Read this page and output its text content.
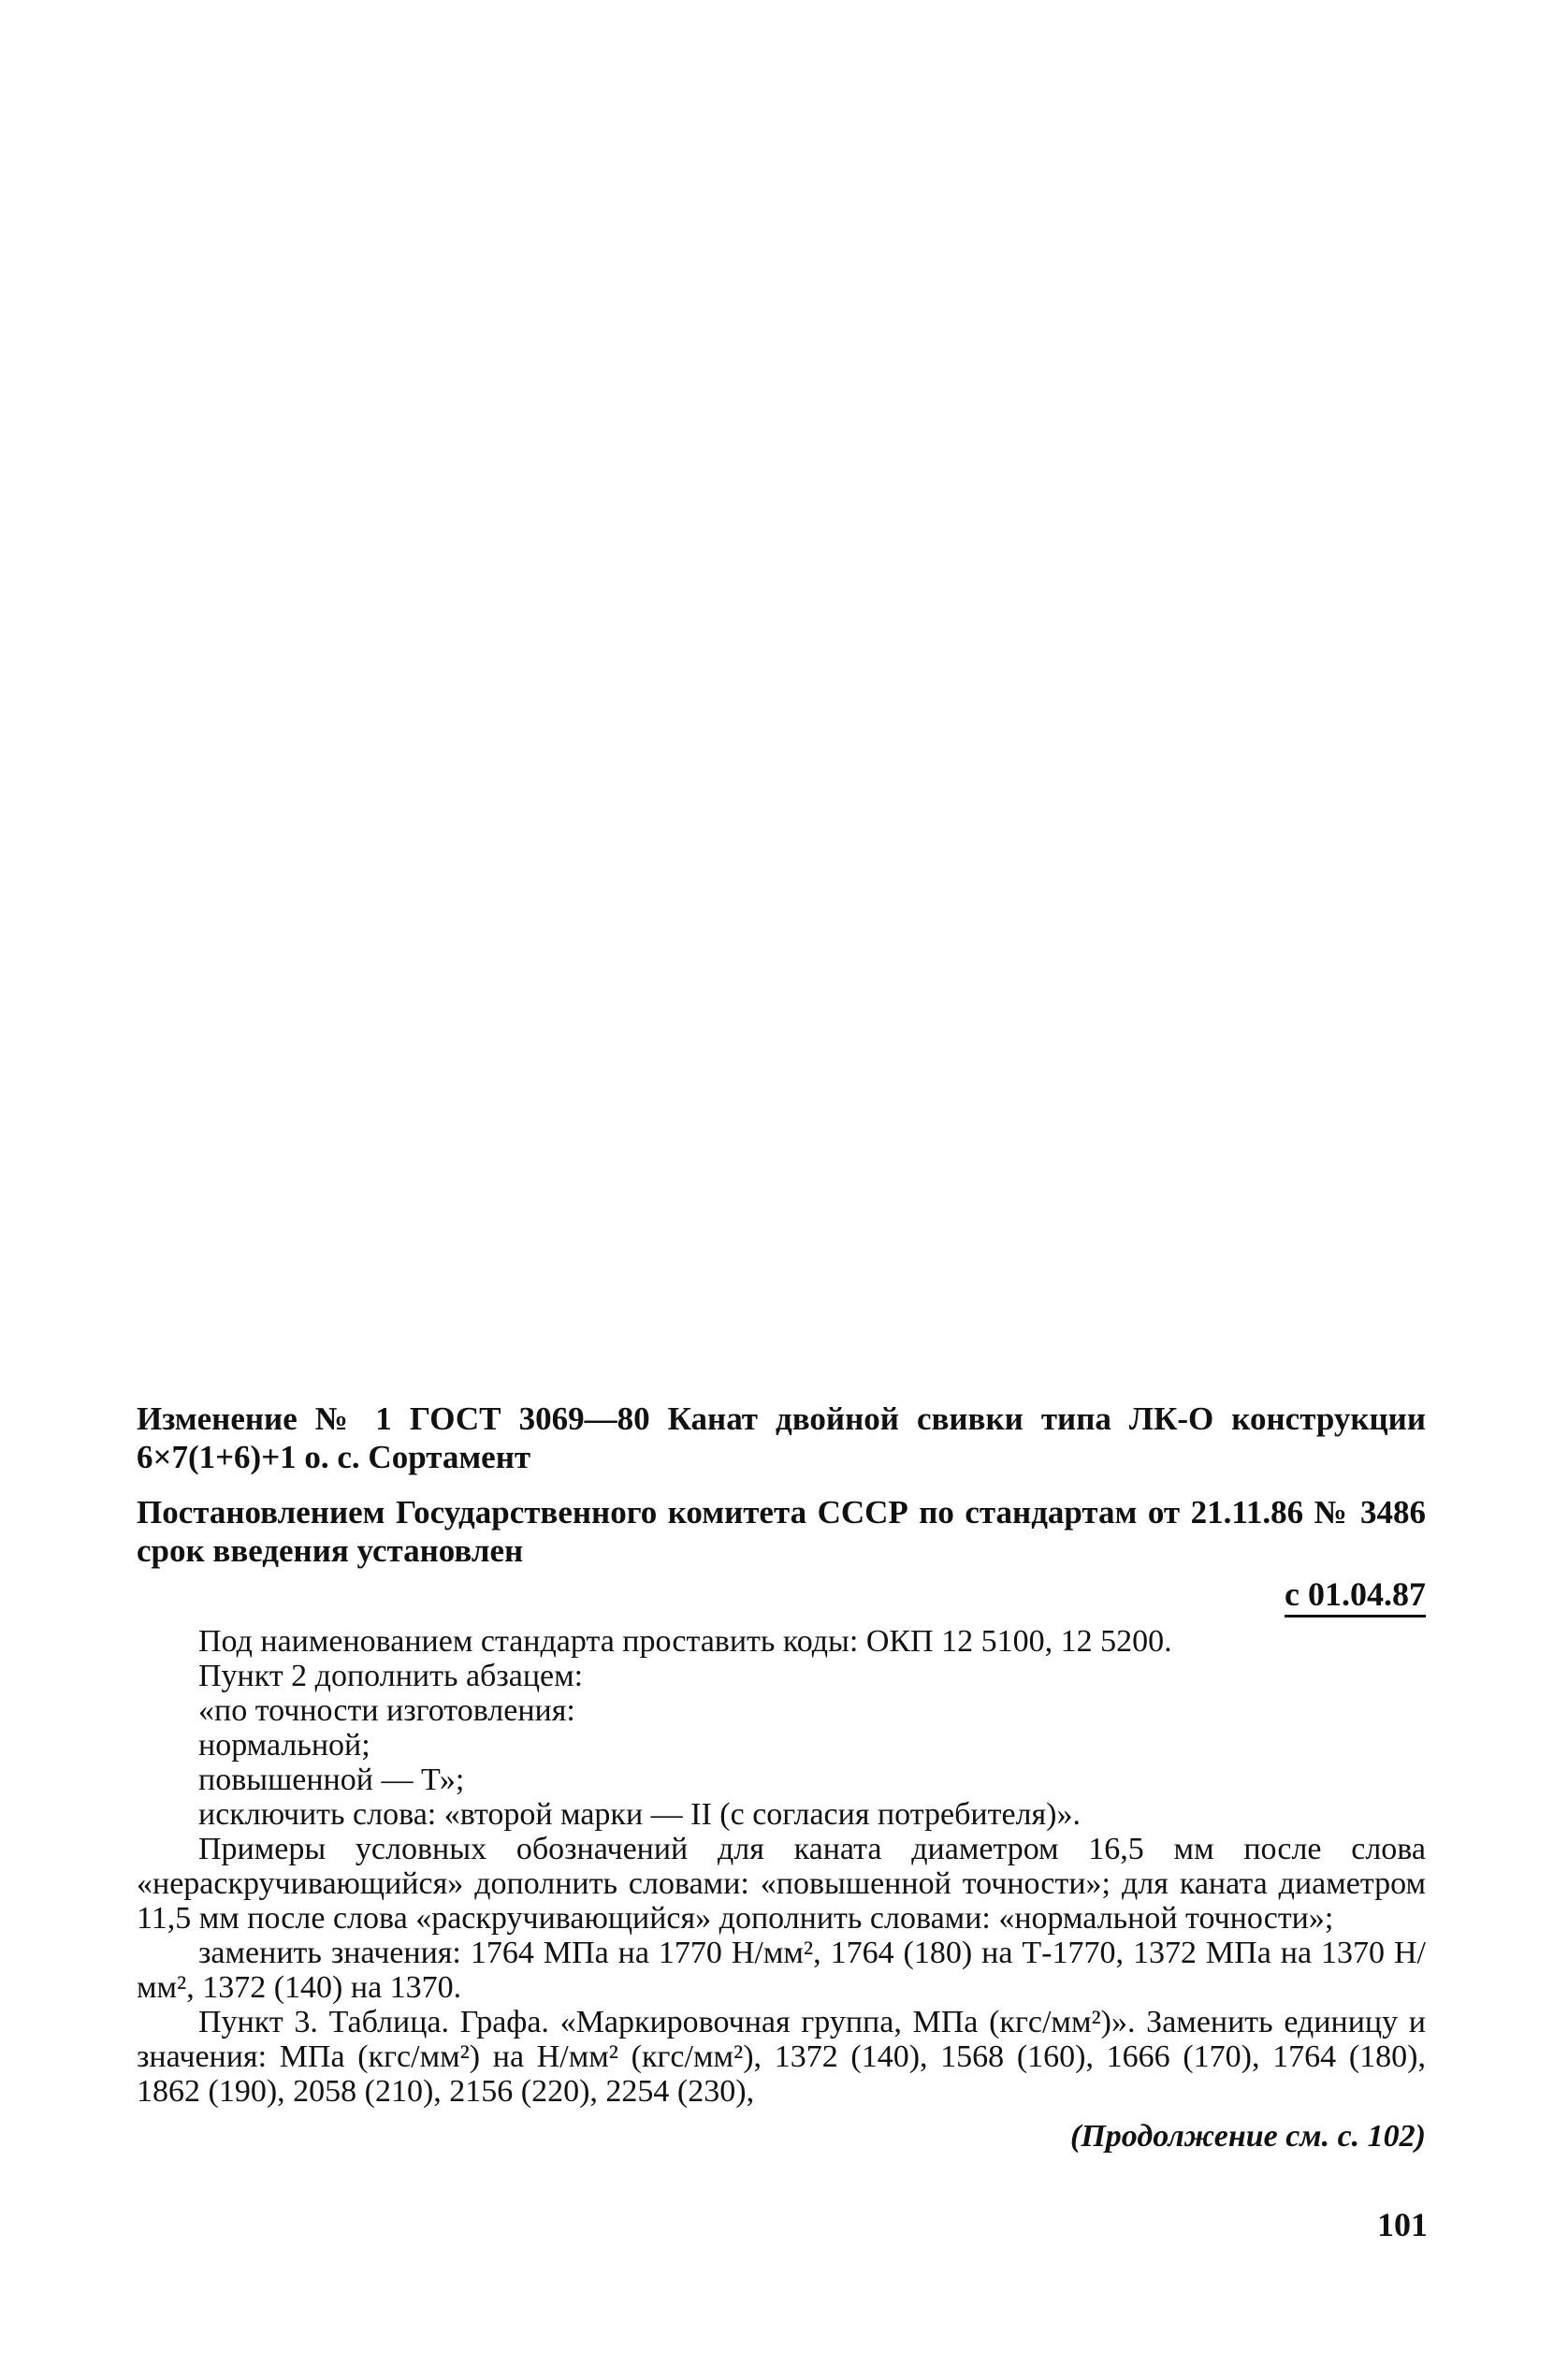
Изменение № 1 ГОСТ 3069—80 Канат двойной свивки типа ЛК-О конструкции 6×7(1+6)+1 о. с. Сортамент

Постановлением Государственного комитета СССР по стандартам от 21.11.86 № 3486 срок введения установлен

с 01.04.87

Под наименованием стандарта проставить коды: ОКП 12 5100, 12 5200.

Пункт 2 дополнить абзацем:

«по точности изготовления:

нормальной;

повышенной — Т»;

исключить слова: «второй марки — II (с согласия потребителя)».

Примеры условных обозначений для каната диаметром 16,5 мм после слова «нераскручивающийся» дополнить словами: «повышенной точности»; для каната диаметром 11,5 мм после слова «раскручивающийся» дополнить словами: «нормальной точности»;

заменить значения: 1764 МПа на 1770 Н/мм², 1764 (180) на Т-1770, 1372 МПа на 1370 Н/мм², 1372 (140) на 1370.

Пункт 3. Таблица. Графа. «Маркировочная группа, МПа (кгс/мм²)». Заменить единицу и значения: МПа (кгс/мм²) на Н/мм² (кгс/мм²), 1372 (140), 1568 (160), 1666 (170), 1764 (180), 1862 (190), 2058 (210), 2156 (220), 2254 (230),

(Продолжение см. с. 102)
101
